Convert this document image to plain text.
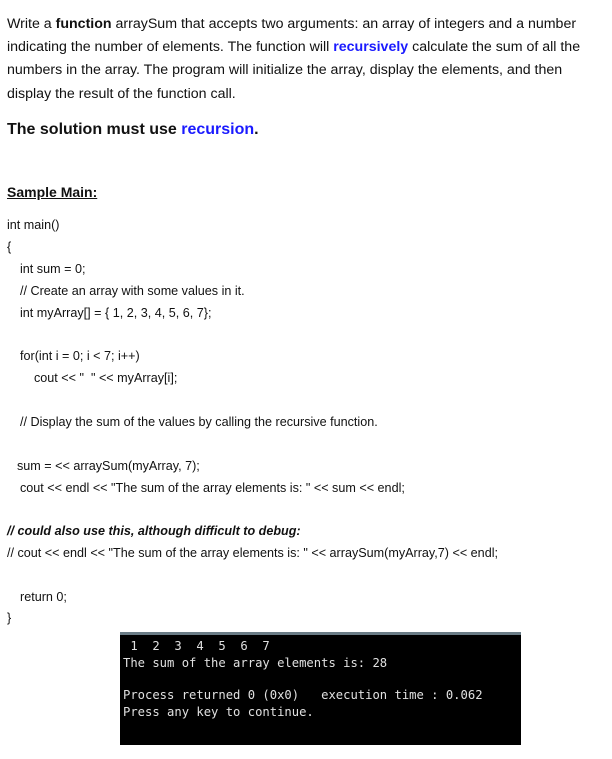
Write a function arraySum that accepts two arguments: an array of integers and a number indicating the number of elements. The function will recursively calculate the sum of all the numbers in the array. The program will initialize the array, display the elements, and then display the result of the function call.

The solution must use recursion.

Sample Main:

int main()

{

int sum = 0;

// Create an array with some values in it.

int myArray[] = { 1, 2, 3, 4, 5, 6, 7};

for(int i = 0; i < 7; i++)

cout << "  " << myArray[i];

// Display the sum of the values by calling the recursive function.

sum = << arraySum(myArray, 7);

cout << endl << "The sum of the array elements is: " << sum << endl;

// could also use this, although difficult to debug:

// cout << endl << "The sum of the array elements is: " << arraySum(myArray,7) << endl;

return 0;

}

1  2  3  4  5  6  7

The sum of the array elements is: 28

Process returned 0 (0x0)   execution time : 0.062

Press any key to continue.
